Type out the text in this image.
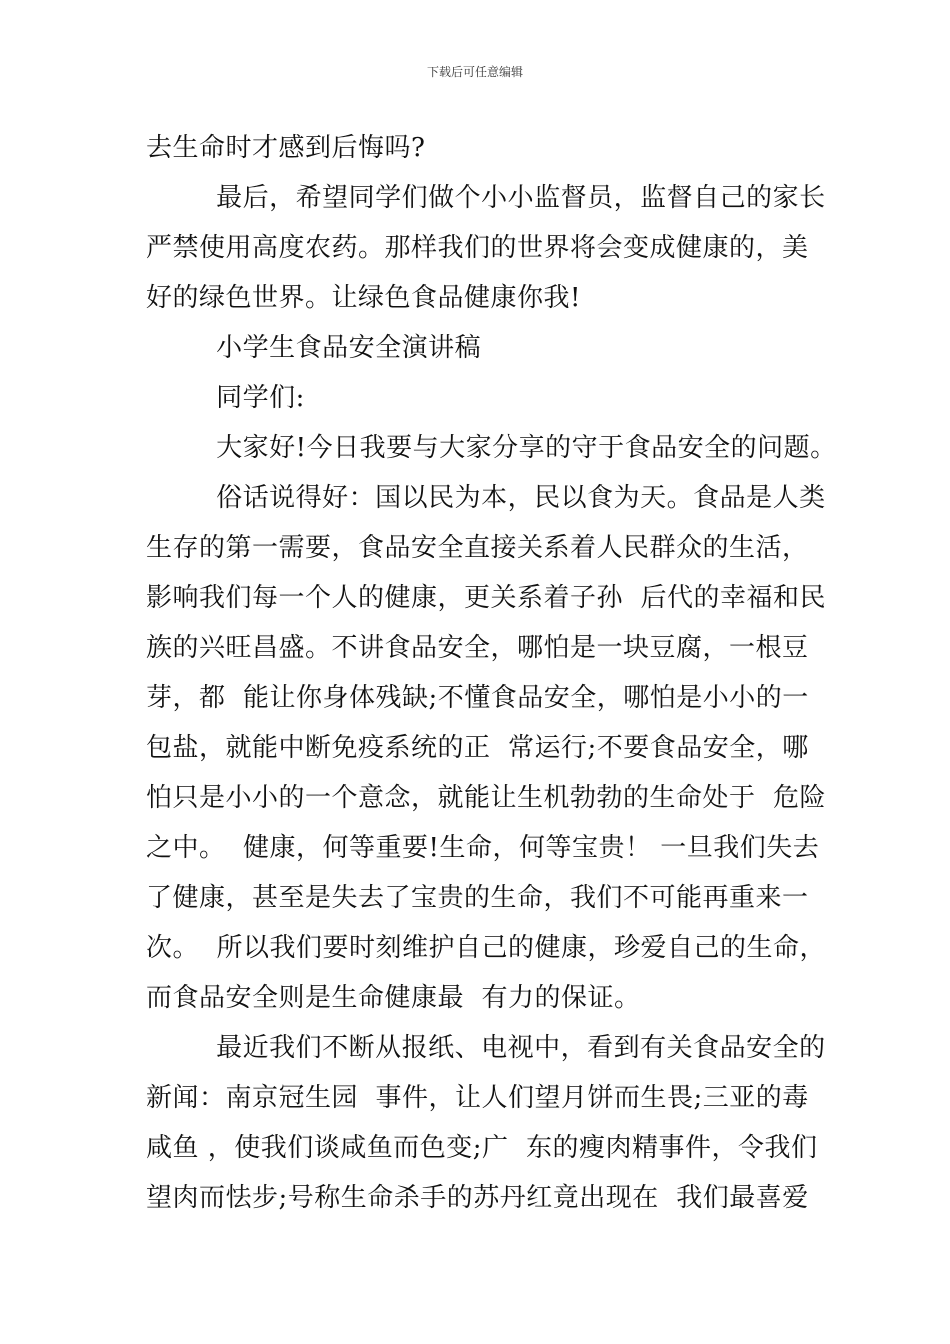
下载后可任意编辑
去生命时才感到后悔吗?
最后，希望同学们做个小小监督员，监督自己的家长
严禁使用高度农药。那样我们的世界将会变成健康的，美
好的绿色世界。让绿色食品健康你我!
小学生食品安全演讲稿
同学们:
大家好!今日我要与大家分享的守于食品安全的问题。
俗话说得好：国以民为本，民以食为天。食品是人类
生存的第一需要，食品安全直接关系着人民群众的生活，
影响我们每一个人的健康，更关系着子孙  后代的幸福和民
族的兴旺昌盛。不讲食品安全，哪怕是一块豆腐，一根豆
芽，都  能让你身体残缺;不懂食品安全，哪怕是小小的一
包盐，就能中断免疫系统的正  常运行;不要食品安全，哪
怕只是小小的一个意念，就能让生机勃勃的生命处于  危险
之中。  健康，何等重要!生命，何等宝贵！ 一旦我们失去
了健康，甚至是失去了宝贵的生命，我们不可能再重来一
次。  所以我们要时刻维护自己的健康，珍爱自己的生命，
而食品安全则是生命健康最  有力的保证。
最近我们不断从报纸、电视中，看到有关食品安全的
新闻：南京冠生园  事件，让人们望月饼而生畏;三亚的毒
咸鱼 ，使我们谈咸鱼而色变;广  东的瘦肉精事件，令我们
望肉而怯步;号称生命杀手的苏丹红竟出现在  我们最喜爱
